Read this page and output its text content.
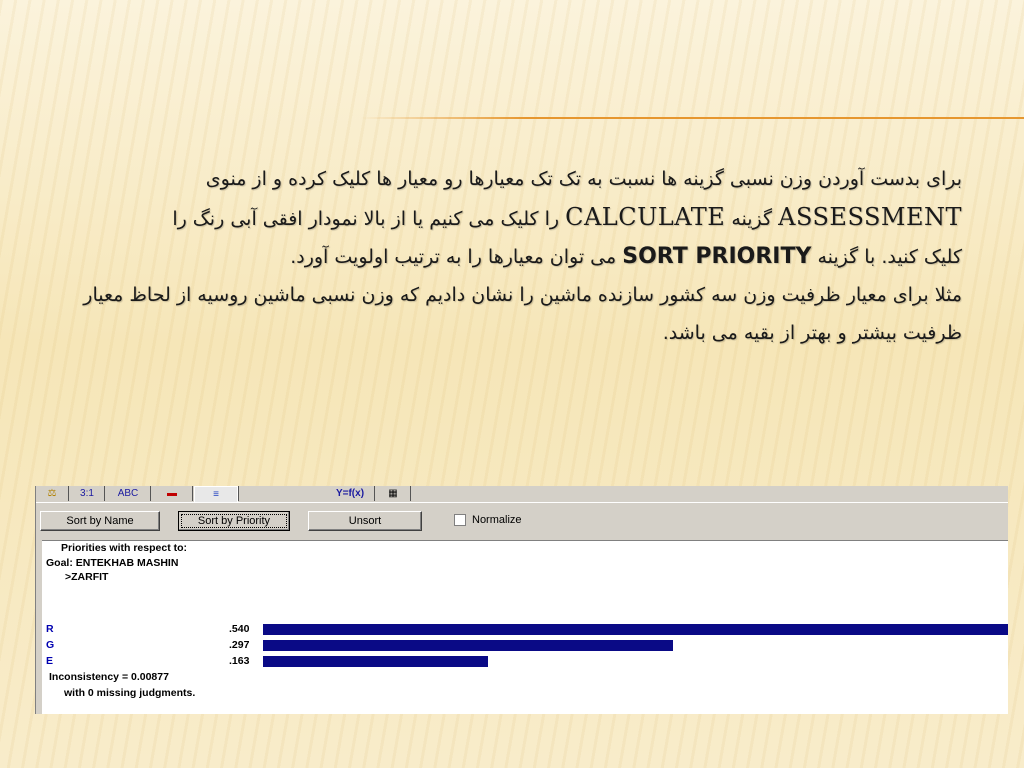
برای بدست آوردن وزن نسبی گزینه ها نسبت به تک تک معیارها رو معیار ها کلیک کرده و از منوی
ASSESSMENT گزینه CALCULATE را کلیک می کنیم یا از بالا نمودار افقی آبی رنگ را
کلیک کنید. با گزینه SORT PRIORITY می توان معیارها را به ترتیب اولویت آورد.

مثلا برای معیار ظرفیت وزن سه کشور سازنده ماشین را نشان دادیم که وزن نسبی ماشین روسیه از لحاظ معیار ظرفیت بیشتر و بهتر از بقیه می باشد.

⚖	3:1	ABC	▬	≡	Y=f(x)	▦
Sort by Name	Sort by Priority	Unsort	Normalize
Priorities with respect to:
Goal: ENTEKHAB MASHIN
>ZARFIT
R	.540
G	.297
E	.163
Inconsistency = 0.00877
with 0 missing judgments.
